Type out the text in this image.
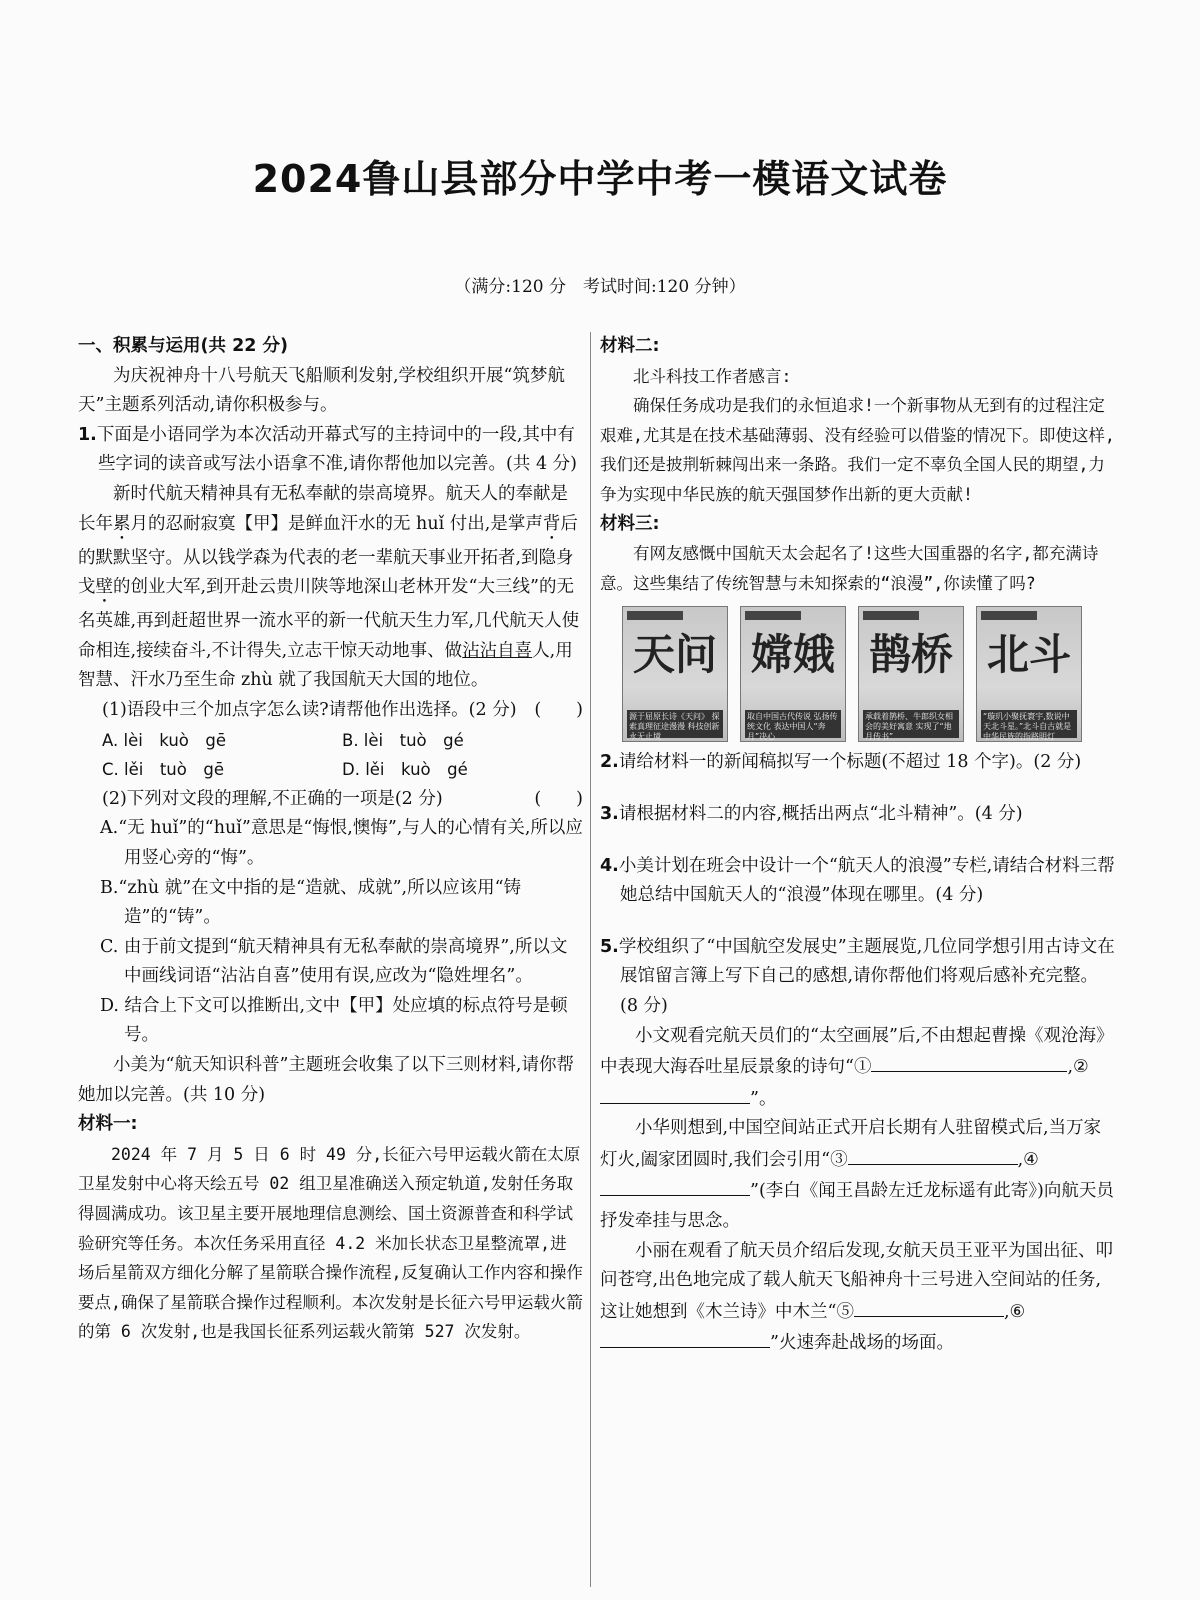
2024鲁山县部分中学中考一模语文试卷
（满分:120 分　考试时间:120 分钟）

一、积累与运用(共 22 分)

为庆祝神舟十八号航天飞船顺利发射,学校组织开展“筑梦航天”主题系列活动,请你积极参与。

1.下面是小语同学为本次活动开幕式写的主持词中的一段,其中有些字词的读音或写法小语拿不准,请你帮他加以完善。(共 4 分)

新时代航天精神具有无私奉献的崇高境界。航天人的奉献是长年累月的忍耐寂寞【甲】是鲜血汗水的无 huǐ 付出,是掌声背后的默默坚守。从以钱学森为代表的老一辈航天事业开拓者,到隐身戈壁的创业大军,到开赴云贵川陕等地深山老林开发“大三线”的无名英雄,再到赶超世界一流水平的新一代航天生力军,几代航天人使命相连,接续奋斗,不计得失,立志干惊天动地事、做沾沾自喜人,用智慧、汗水乃至生命 zhù 就了我国航天大国的地位。

(1)语段中三个加点字怎么读?请帮他作出选择。(2 分) (　　)

A. lèi　kuò　gē	B. lèi　tuò　gé
C. lěi　tuò　gē	D. lěi　kuò　gé

(2)下列对文段的理解,不正确的一项是(2 分)	(　　)

A.“无 huǐ”的“huǐ”意思是“悔恨,懊悔”,与人的心情有关,所以应用竖心旁的“悔”。

B.“zhù 就”在文中指的是“造就、成就”,所以应该用“铸造”的“铸”。

C. 由于前文提到“航天精神具有无私奉献的崇高境界”,所以文中画线词语“沾沾自喜”使用有误,应改为“隐姓埋名”。

D. 结合上下文可以推断出,文中【甲】处应填的标点符号是顿号。

小美为“航天知识科普”主题班会收集了以下三则材料,请你帮她加以完善。(共 10 分)

材料一:

2024 年 7 月 5 日 6 时 49 分,长征六号甲运载火箭在太原卫星发射中心将天绘五号 02 组卫星准确送入预定轨道,发射任务取得圆满成功。该卫星主要开展地理信息测绘、国土资源普查和科学试验研究等任务。本次任务采用直径 4.2 米加长状态卫星整流罩,进场后星箭双方细化分解了星箭联合操作流程,反复确认工作内容和操作要点,确保了星箭联合操作过程顺利。本次发射是长征六号甲运载火箭的第 6 次发射,也是我国长征系列运载火箭第 527 次发射。

材料二:

北斗科技工作者感言:

确保任务成功是我们的永恒追求!一个新事物从无到有的过程注定艰难,尤其是在技术基础薄弱、没有经验可以借鉴的情况下。即使这样,我们还是披荆斩棘闯出来一条路。我们一定不辜负全国人民的期望,力争为实现中华民族的航天强国梦作出新的更大贡献!

材料三:

有网友感慨中国航天太会起名了!这些大国重器的名字,都充满诗意。这些集结了传统智慧与未知探索的“浪漫”,你读懂了吗?

天问
源于屈原长诗《天问》 探索真理征途漫漫 科技创新永无止境
嫦娥
取自中国古代传说 弘扬传统文化 表达中国人“奔月”决心
鹊桥
承载着鹊桥、牛郎织女相会的美好寓意 实现了“地月传书”
北斗
“璇玑小聚抚寰宇,数说中天北斗星。”北斗自古就是中华民族的指路明灯

2.请给材料一的新闻稿拟写一个标题(不超过 18 个字)。(2 分)

3.请根据材料二的内容,概括出两点“北斗精神”。(4 分)

4.小美计划在班会中设计一个“航天人的浪漫”专栏,请结合材料三帮她总结中国航天人的“浪漫”体现在哪里。(4 分)

5.学校组织了“中国航空发展史”主题展览,几位同学想引用古诗文在展馆留言簿上写下自己的感想,请你帮他们将观后感补充完整。(8 分)

小文观看完航天员们的“太空画展”后,不由想起曹操《观沧海》中表现大海吞吐星辰景象的诗句“①	,②”。

小华则想到,中国空间站正式开启长期有人驻留模式后,当万家灯火,阖家团圆时,我们会引用“③	,④”(李白《闻王昌龄左迁龙标遥有此寄》)向航天员抒发牵挂与思念。

小丽在观看了航天员介绍后发现,女航天员王亚平为国出征、叩问苍穹,出色地完成了载人航天飞船神舟十三号进入空间站的任务,这让她想到《木兰诗》中木兰“⑤	,⑥”火速奔赴战场的场面。
